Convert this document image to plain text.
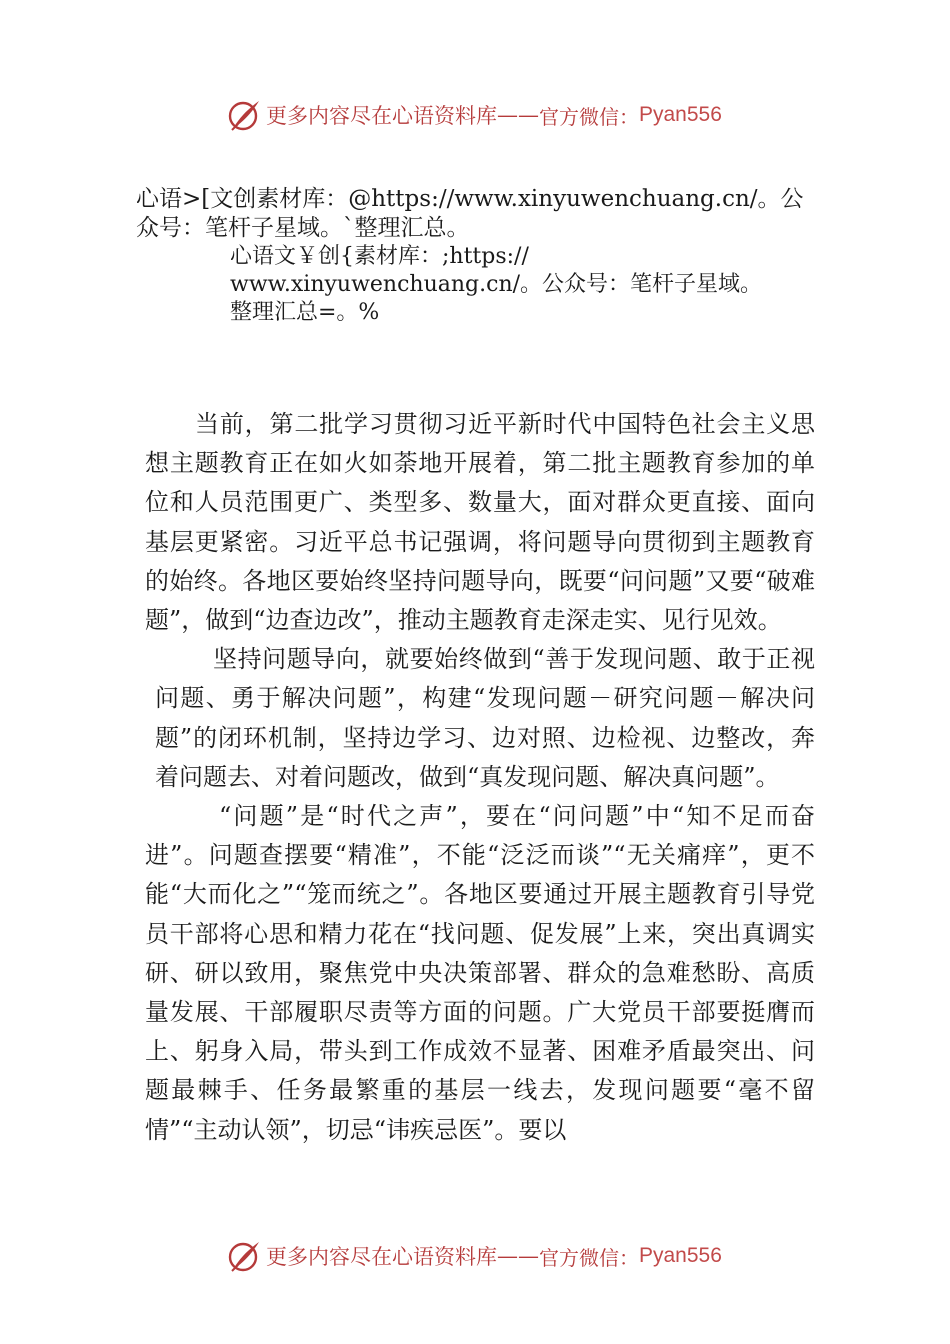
更多内容尽在心语资料库 —— 官方微信： Pyan556
心语>[文创素材库：@https://www.xinyuwenchuang.cn/。公
众号：笔杆子星域。`整理汇总。
心语文￥创{素材库：;https://
www.xinyuwenchuang.cn/。公众号：笔杆子星域。
整理汇总=。%

当前，第二批学习贯彻习近平新时代中国特色社会主义思想主题教育正在如火如荼地开展着，第二批主题教育参加的单位和人员范围更广、类型多、数量大，面对群众更直接、面向基层更紧密。习近平总书记强调，将问题导向贯彻到主题教育的始终。各地区要始终坚持问题导向，既要“问问题”又要“破难题”，做到“边查边改”，推动主题教育走深走实、见行见效。

坚持问题导向，就要始终做到“善于发现问题、敢于正视问题、勇于解决问题”，构建“发现问题－研究问题－解决问题”的闭环机制，坚持边学习、边对照、边检视、边整改，奔着问题去、对着问题改，做到“真发现问题、解决真问题”。

“问题”是“时代之声”，要在“问问题”中“知不足而奋进”。问题查摆要“精准”，不能“泛泛而谈”“无关痛痒”，更不能“大而化之”“笼而统之”。各地区要通过开展主题教育引导党员干部将心思和精力花在“找问题、促发展”上来，突出真调实研、研以致用，聚焦党中央决策部署、群众的急难愁盼、高质量发展、干部履职尽责等方面的问题。广大党员干部要挺膺而上、躬身入局，带头到工作成效不显著、困难矛盾最突出、问题最棘手、任务最繁重的基层一线去，发现问题要“毫不留情”“主动认领”，切忌“讳疾忌医”。要以

更多内容尽在心语资料库 —— 官方微信： Pyan556
